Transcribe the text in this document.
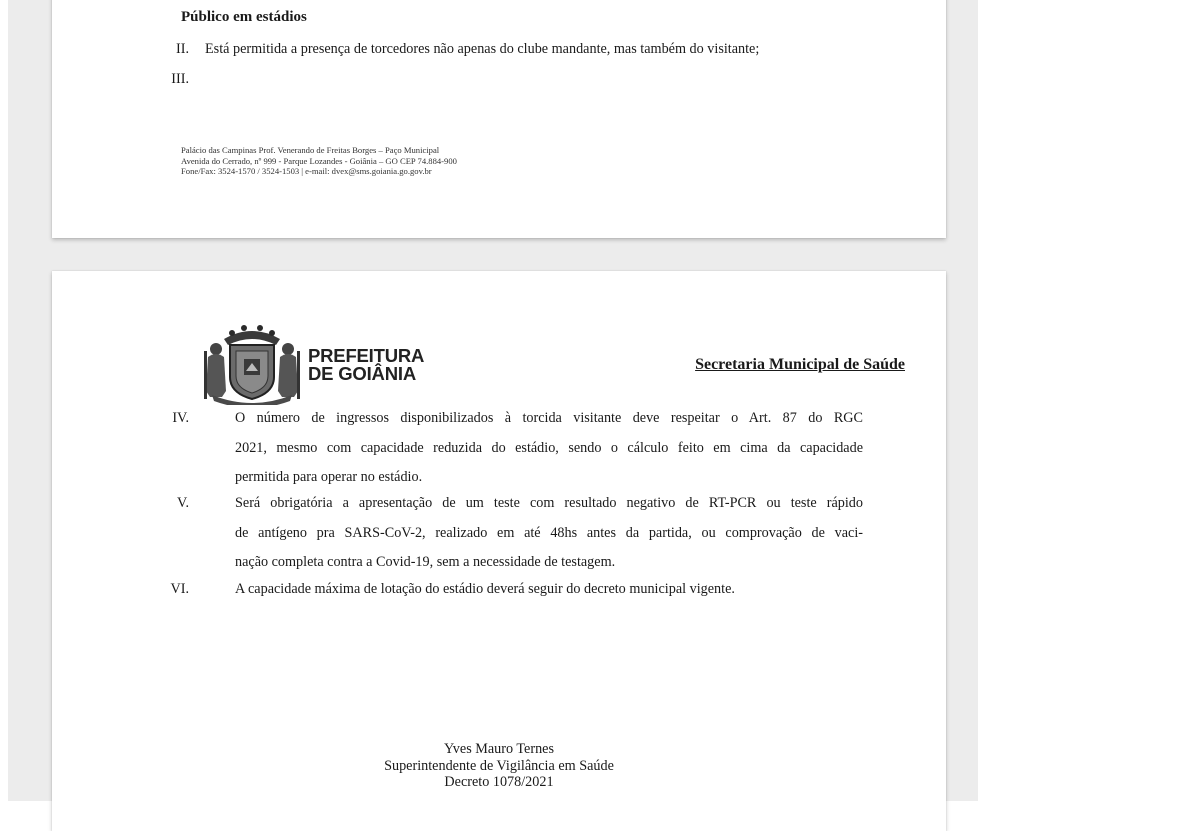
Público em estádios
II. Está permitida a presença de torcedores não apenas do clube mandante, mas também do visitante;
III.
Palácio das Campinas Prof. Venerando de Freitas Borges – Paço Municipal
Avenida do Cerrado, nº 999 - Parque Lozandes - Goiânia – GO CEP 74.884-900
Fone/Fax: 3524-1570 / 3524-1503 | e-mail: dvex@sms.goiania.go.gov.br
PREFEITURA
DE GOIÂNIA	Secretaria Municipal de Saúde
IV.	O número de ingressos disponibilizados à torcida visitante deve respeitar o Art. 87 do RGC
2021, mesmo com capacidade reduzida do estádio, sendo o cálculo feito em cima da capacidade
permitida para operar no estádio.
V.	Será obrigatória a apresentação de um teste com resultado negativo de RT-PCR ou teste rápido
de antígeno pra SARS-CoV-2, realizado em até 48hs antes da partida, ou comprovação de vaci-
nação completa contra a Covid-19, sem a necessidade de testagem.
VI.	A capacidade máxima de lotação do estádio deverá seguir do decreto municipal vigente.
Yves Mauro Ternes
Superintendente de Vigilância em Saúde
Decreto 1078/2021
